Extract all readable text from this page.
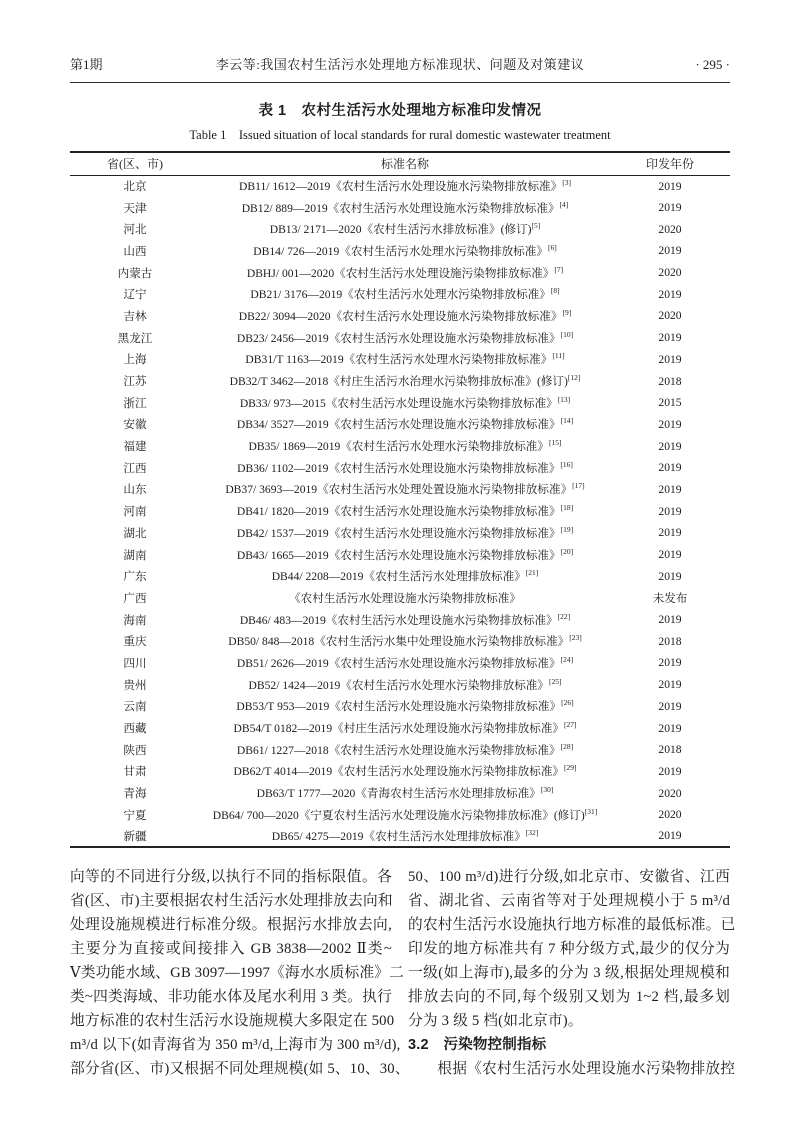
第1期	李云等:我国农村生活污水处理地方标准现状、问题及对策建议	· 295 ·
表 1　农村生活污水处理地方标准印发情况
Table 1　Issued situation of local standards for rural domestic wastewater treatment
省(区、市)	标准名称	印发年份
北京	DB11/ 1612—2019《农村生活污水处理设施水污染物排放标准》[3]	2019
天津	DB12/ 889—2019《农村生活污水处理设施水污染物排放标准》[4]	2019
河北	DB13/ 2171—2020《农村生活污水排放标准》(修订)[5]	2020
山西	DB14/ 726—2019《农村生活污水处理水污染物排放标准》[6]	2019
内蒙古	DBHJ/ 001—2020《农村生活污水处理设施污染物排放标准》[7]	2020
辽宁	DB21/ 3176—2019《农村生活污水处理水污染物排放标准》[8]	2019
吉林	DB22/ 3094—2020《农村生活污水处理设施水污染物排放标准》[9]	2020
黑龙江	DB23/ 2456—2019《农村生活污水处理设施水污染物排放标准》[10]	2019
上海	DB31/T 1163—2019《农村生活污水处理水污染物排放标准》[11]	2019
江苏	DB32/T 3462—2018《村庄生活污水治理水污染物排放标准》(修订)[12]	2018
浙江	DB33/ 973—2015《农村生活污水处理设施水污染物排放标准》[13]	2015
安徽	DB34/ 3527—2019《农村生活污水处理设施水污染物排放标准》[14]	2019
福建	DB35/ 1869—2019《农村生活污水处理水污染物排放标准》[15]	2019
江西	DB36/ 1102—2019《农村生活污水处理设施水污染物排放标准》[16]	2019
山东	DB37/ 3693—2019《农村生活污水处理处置设施水污染物排放标准》[17]	2019
河南	DB41/ 1820—2019《农村生活污水处理设施水污染物排放标准》[18]	2019
湖北	DB42/ 1537—2019《农村生活污水处理设施水污染物排放标准》[19]	2019
湖南	DB43/ 1665—2019《农村生活污水处理设施水污染物排放标准》[20]	2019
广东	DB44/ 2208—2019《农村生活污水处理排放标准》[21]	2019
广西	《农村生活污水处理设施水污染物排放标准》	未发布
海南	DB46/ 483—2019《农村生活污水处理设施水污染物排放标准》[22]	2019
重庆	DB50/ 848—2018《农村生活污水集中处理设施水污染物排放标准》[23]	2018
四川	DB51/ 2626—2019《农村生活污水处理设施水污染物排放标准》[24]	2019
贵州	DB52/ 1424—2019《农村生活污水处理水污染物排放标准》[25]	2019
云南	DB53/T 953—2019《农村生活污水处理设施水污染物排放标准》[26]	2019
西藏	DB54/T 0182—2019《村庄生活污水处理设施水污染物排放标准》[27]	2019
陕西	DB61/ 1227—2018《农村生活污水处理设施水污染物排放标准》[28]	2018
甘肃	DB62/T 4014—2019《农村生活污水处理设施水污染物排放标准》[29]	2019
青海	DB63/T 1777—2020《青海农村生活污水处理排放标准》[30]	2020
宁夏	DB64/ 700—2020《宁夏农村生活污水处理设施水污染物排放标准》(修订)[31]	2020
新疆	DB65/ 4275—2019《农村生活污水处理排放标准》[32]	2019
向等的不同进行分级,以执行不同的指标限值。各
省(区、市)主要根据农村生活污水处理排放去向和
处理设施规模进行标准分级。根据污水排放去向,
主要分为直接或间接排入 GB 3838—2002 Ⅱ类~
Ⅴ类功能水域、GB 3097—1997《海水水质标准》二
类~四类海域、非功能水体及尾水利用 3 类。执行
地方标准的农村生活污水设施规模大多限定在 500
m³/d 以下(如青海省为 350 m³/d,上海市为 300 m³/d),
部分省(区、市)又根据不同处理规模(如 5、10、30、
50、100 m³/d)进行分级,如北京市、安徽省、江西
省、湖北省、云南省等对于处理规模小于 5 m³/d
的农村生活污水设施执行地方标准的最低标准。已
印发的地方标准共有 7 种分级方式,最少的仅分为
一级(如上海市),最多的分为 3 级,根据处理规模和
排放去向的不同,每个级别又划为 1~2 档,最多划
分为 3 级 5 档(如北京市)。
3.2　污染物控制指标
根据《农村生活污水处理设施水污染物排放控
